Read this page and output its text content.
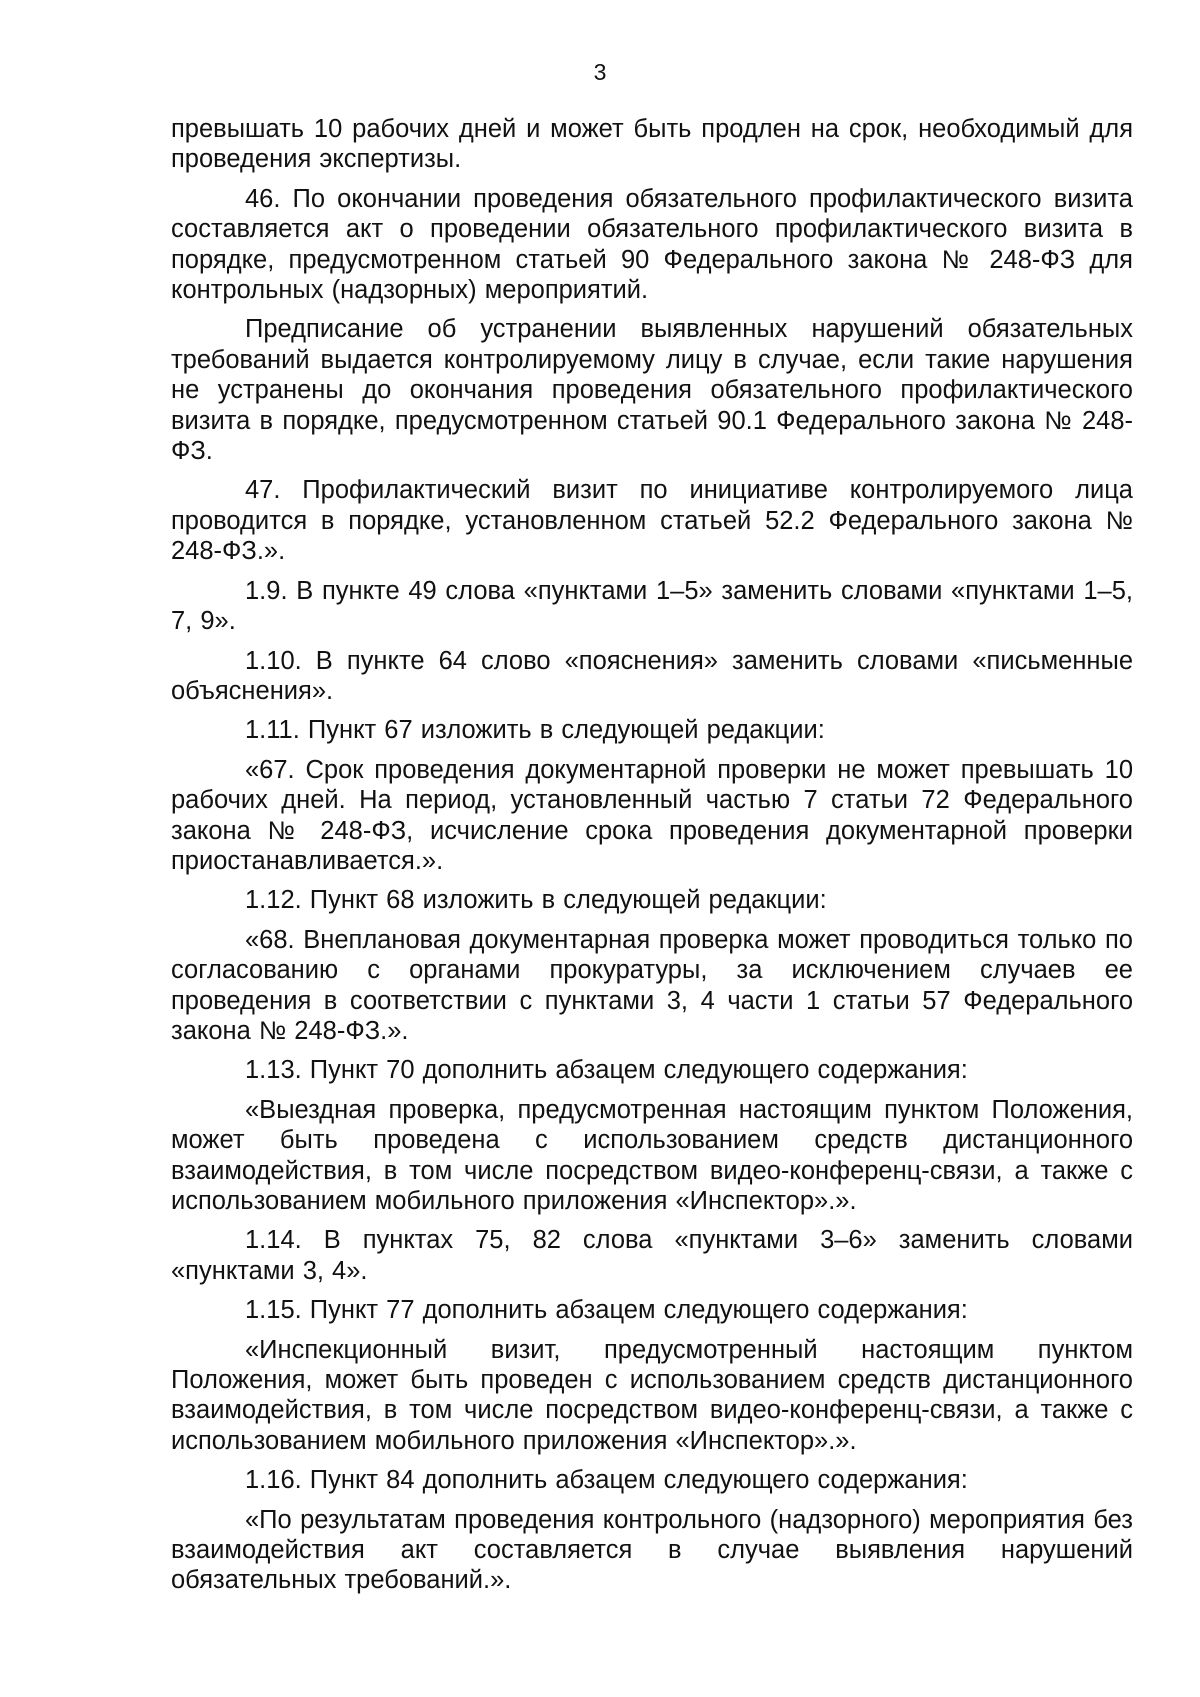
3

превышать 10 рабочих дней и может быть продлен на срок, необходимый для проведения экспертизы.

46. По окончании проведения обязательного профилактического визита составляется акт о проведении обязательного профилактического визита в порядке, предусмотренном статьей 90 Федерального закона № 248-ФЗ для контрольных (надзорных) мероприятий.

Предписание об устранении выявленных нарушений обязательных требований выдается контролируемому лицу в случае, если такие нарушения не устранены до окончания проведения обязательного профилактического визита в порядке, предусмотренном статьей 90.1 Федерального закона № 248-ФЗ.

47. Профилактический визит по инициативе контролируемого лица проводится в порядке, установленном статьей 52.2 Федерального закона № 248-ФЗ.».

1.9. В пункте 49 слова «пунктами 1–5» заменить словами «пунктами 1–5, 7, 9».

1.10. В пункте 64 слово «пояснения» заменить словами «письменные объяснения».

1.11. Пункт 67 изложить в следующей редакции:

«67. Срок проведения документарной проверки не может превышать 10 рабочих дней. На период, установленный частью 7 статьи 72 Федерального закона № 248-ФЗ, исчисление срока проведения документарной проверки приостанавливается.».

1.12. Пункт 68 изложить в следующей редакции:

«68. Внеплановая документарная проверка может проводиться только по согласованию с органами прокуратуры, за исключением случаев ее проведения в соответствии с пунктами 3, 4 части 1 статьи 57 Федерального закона № 248-ФЗ.».

1.13. Пункт 70 дополнить абзацем следующего содержания:

«Выездная проверка, предусмотренная настоящим пунктом Положения, может быть проведена с использованием средств дистанционного взаимодействия, в том числе посредством видео-конференц-связи, а также с использованием мобильного приложения «Инспектор».».

1.14. В пунктах 75, 82 слова «пунктами 3–6» заменить словами «пунктами 3, 4».

1.15. Пункт 77 дополнить абзацем следующего содержания:

«Инспекционный визит, предусмотренный настоящим пунктом Положения, может быть проведен с использованием средств дистанционного взаимодействия, в том числе посредством видео-конференц-связи, а также с использованием мобильного приложения «Инспектор».».

1.16. Пункт 84 дополнить абзацем следующего содержания:

«По результатам проведения контрольного (надзорного) мероприятия без взаимодействия акт составляется в случае выявления нарушений обязательных требований.».
